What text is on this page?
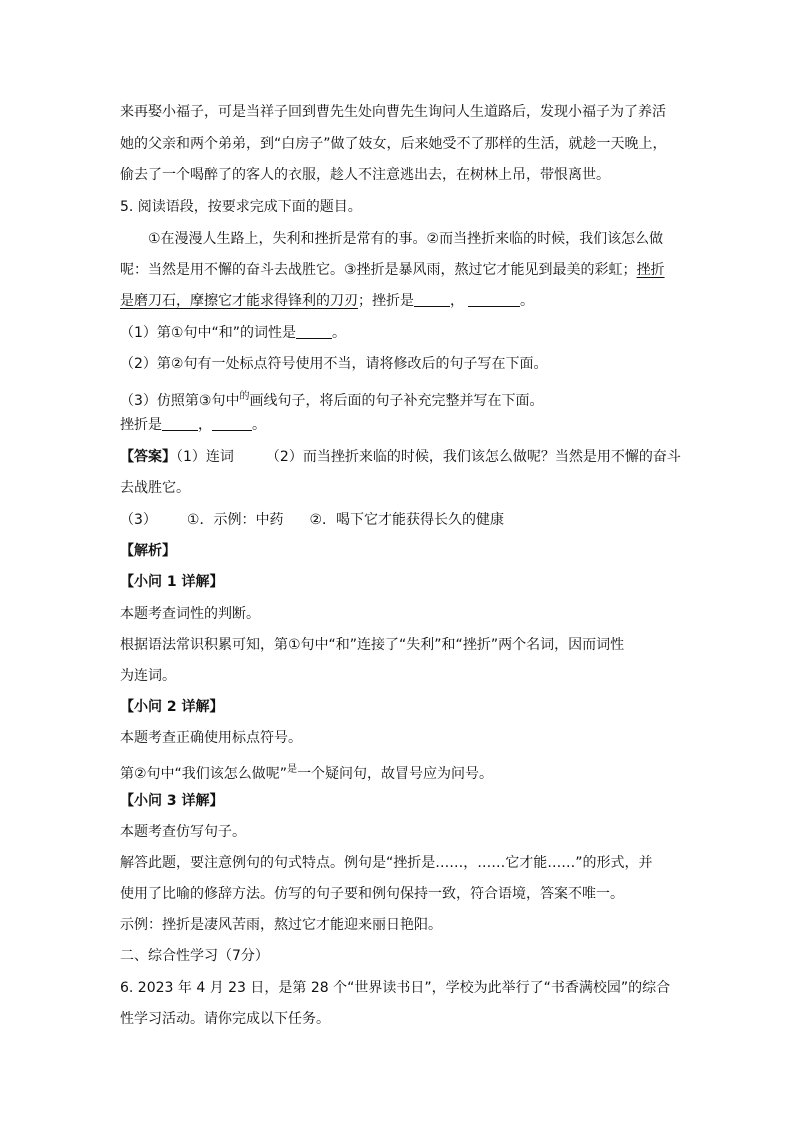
来再娶小福子，可是当祥子回到曹先生处向曹先生询问人生道路后，发现小福子为了养活
她的父亲和两个弟弟，到“白房子”做了妓女，后来她受不了那样的生活，就趁一天晚上，
偷去了一个喝醉了的客人的衣服，趁人不注意逃出去，在树林上吊，带恨离世。
5. 阅读语段，按要求完成下面的题目。
①在漫漫人生路上，失利和挫折是常有的事。②而当挫折来临的时候，我们该怎么做
呢：当然是用不懈的奋斗去战胜它。③挫折是暴风雨，熬过它才能见到最美的彩虹；挫折
是磨刀石，摩擦它才能求得锋利的刀刃；挫折是	，	。
（1）第①句中“和”的词性是	。
（2）第②句有一处标点符号使用不当，请将修改后的句子写在下面。
（3）仿照第③句中$^的$画线句子，将后面的句子补充完整并写在下面。
挫折是	，	。
【答案】（1）连词 （2）而当挫折来临的时候，我们该怎么做呢？当然是用不懈的奋斗
去战胜它。
（3） ①．示例：中药 ②．喝下它才能获得长久的健康
【解析】
【小问 1 详解】
本题考查词性的判断。
根据语法常识积累可知，第①句中“和”连接了“失利”和“挫折”两个名词，因而词性
为连词。
【小问 2 详解】
本题考查正确使用标点符号。
第②句中“我们该怎么做呢”$^是$一个疑问句，故冒号应为问号。
【小问 3 详解】
本题考查仿写句子。
解答此题，要注意例句的句式特点。例句是“挫折是……，……它才能……”的形式，并
使用了比喻的修辞方法。仿写的句子要和例句保持一致，符合语境，答案不唯一。
示例：挫折是凄风苦雨，熬过它才能迎来丽日艳阳。
二、综合性学习（7分）
6. 2023 年 4 月 23 日，是第 28 个“世界读书日”，学校为此举行了“书香满校园”的综合
性学习活动。请你完成以下任务。
